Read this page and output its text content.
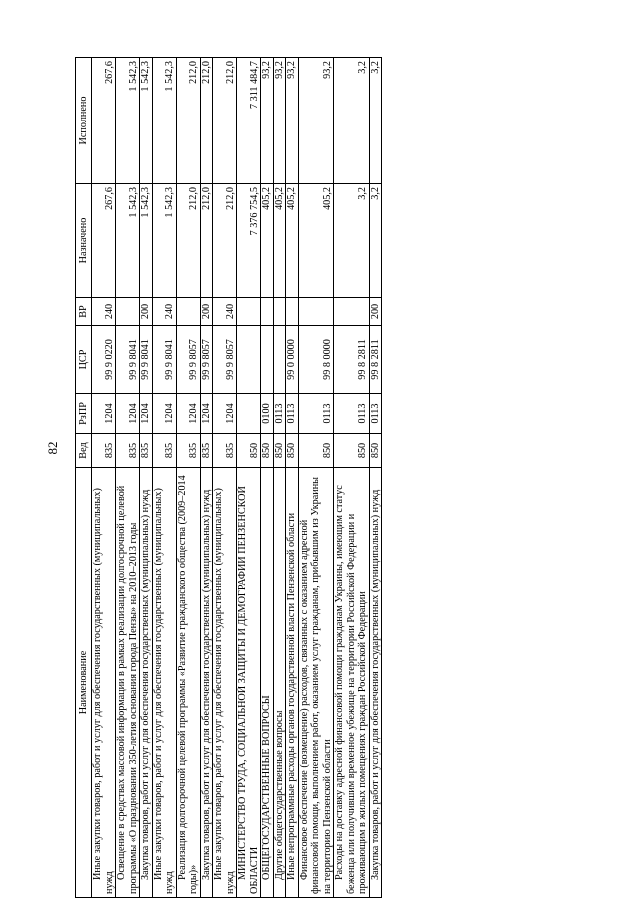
82
Наименование	Вед	РзПР	ЦСР	ВР	Назначено	Исполнено
Иные закупки товаров, работ и услуг для обеспечения государственных (муниципальных) нужд	835	1204	99 9 0220	240	267,6	267,6
Освещение в средствах массовой информации в рамках реализации долгосрочной целевой программы «О праздновании 350-летия основания города Пензы» на 2010–2013 годы	835	1204	99 9 8041		1 542,3	1 542,3
Закупка товаров, работ и услуг для обеспечения государственных (муниципальных) нужд	835	1204	99 9 8041	200	1 542,3	1 542,3
Иные закупки товаров, работ и услуг для обеспечения государственных (муниципальных) нужд	835	1204	99 9 8041	240	1 542,3	1 542,3
Реализация долгосрочной целевой программы «Развитие гражданского общества (2009–2014 годы)»	835	1204	99 9 8057		212,0	212,0
Закупка товаров, работ и услуг для обеспечения государственных (муниципальных) нужд	835	1204	99 9 8057	200	212,0	212,0
Иные закупки товаров, работ и услуг для обеспечения государственных (муниципальных) нужд	835	1204	99 9 8057	240	212,0	212,0
МИНИСТЕРСТВО ТРУДА, СОЦИАЛЬНОЙ ЗАЩИТЫ И ДЕМОГРАФИИ ПЕНЗЕНСКОЙ ОБЛАСТИ	850				7 376 754,5	7 311 484,7
ОБЩЕГОСУДАРСТВЕННЫЕ ВОПРОСЫ	850	0100			405,2	93,2
Другие общегосударственные вопросы	850	0113			405,2	93,2
Иные непрограммные расходы органов государственной власти Пензенской области	850	0113	99 0 0000		405,2	93,2
Финансовое обеспечение (возмещение) расходов, связанных с оказанием адресной финансовой помощи, выполнением работ, оказанием услуг гражданам, прибывшим из Украины на территорию Пензенской области	850	0113	99 8 0000		405,2	93,2
Расходы на доставку адресной финансовой помощи гражданам Украины, имеющим статус беженца или получившим временное убежище на территории Российской Федерации и проживающим в жилых помещениях граждан Российской Федерации	850	0113	99 8 2811		3,2	3,2
Закупка товаров, работ и услуг для обеспечения государственных (муниципальных) нужд	850	0113	99 8 2811	200	3,2	3,2
